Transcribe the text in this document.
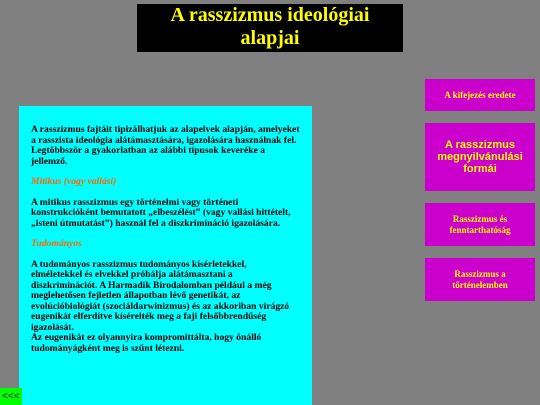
A rasszizmus ideológiai
alapjai

A rasszizmus fajtáit tipizálhatjuk az alapelvek alapján, amelyeket a rasszista ideológia alátámasztására, igazolására használnak fel. Legtöbbször a gyakorlatban az alábbi típusok keveréke a jellemző.

Mitikus (vagy vallási)

A mitikus rasszizmus egy történelmi vagy történeti konstrukcióként bemutatott „elbeszélést” (vagy vallási hittételt, „isteni útmutatást”) használ fel a diszkrimináció igazolására.

Tudományos

A tudományos rasszizmus tudományos kísérletekkel, elméletekkel és elvekkel próbálja alátámasztani a diszkriminációt. A Harmadik Birodalomban például a még meglehetősen fejletlen állapotban lévő genetikát, az evolúcióbiológiát (szociáldarwinizmus) és az akkoriban virágzó eugenikát elferdítve kísérelték meg a faji felsőbbrendűség igazolását.

Az eugenikát ez olyannyira kompromittálta, hogy önálló tudományágként meg is szűnt létezni.

A kifejezés eredete
A rasszizmus megnyilvánulási formái
Rasszizmus és fenntarthatóság
Rasszizmus a történelemben
<<<
